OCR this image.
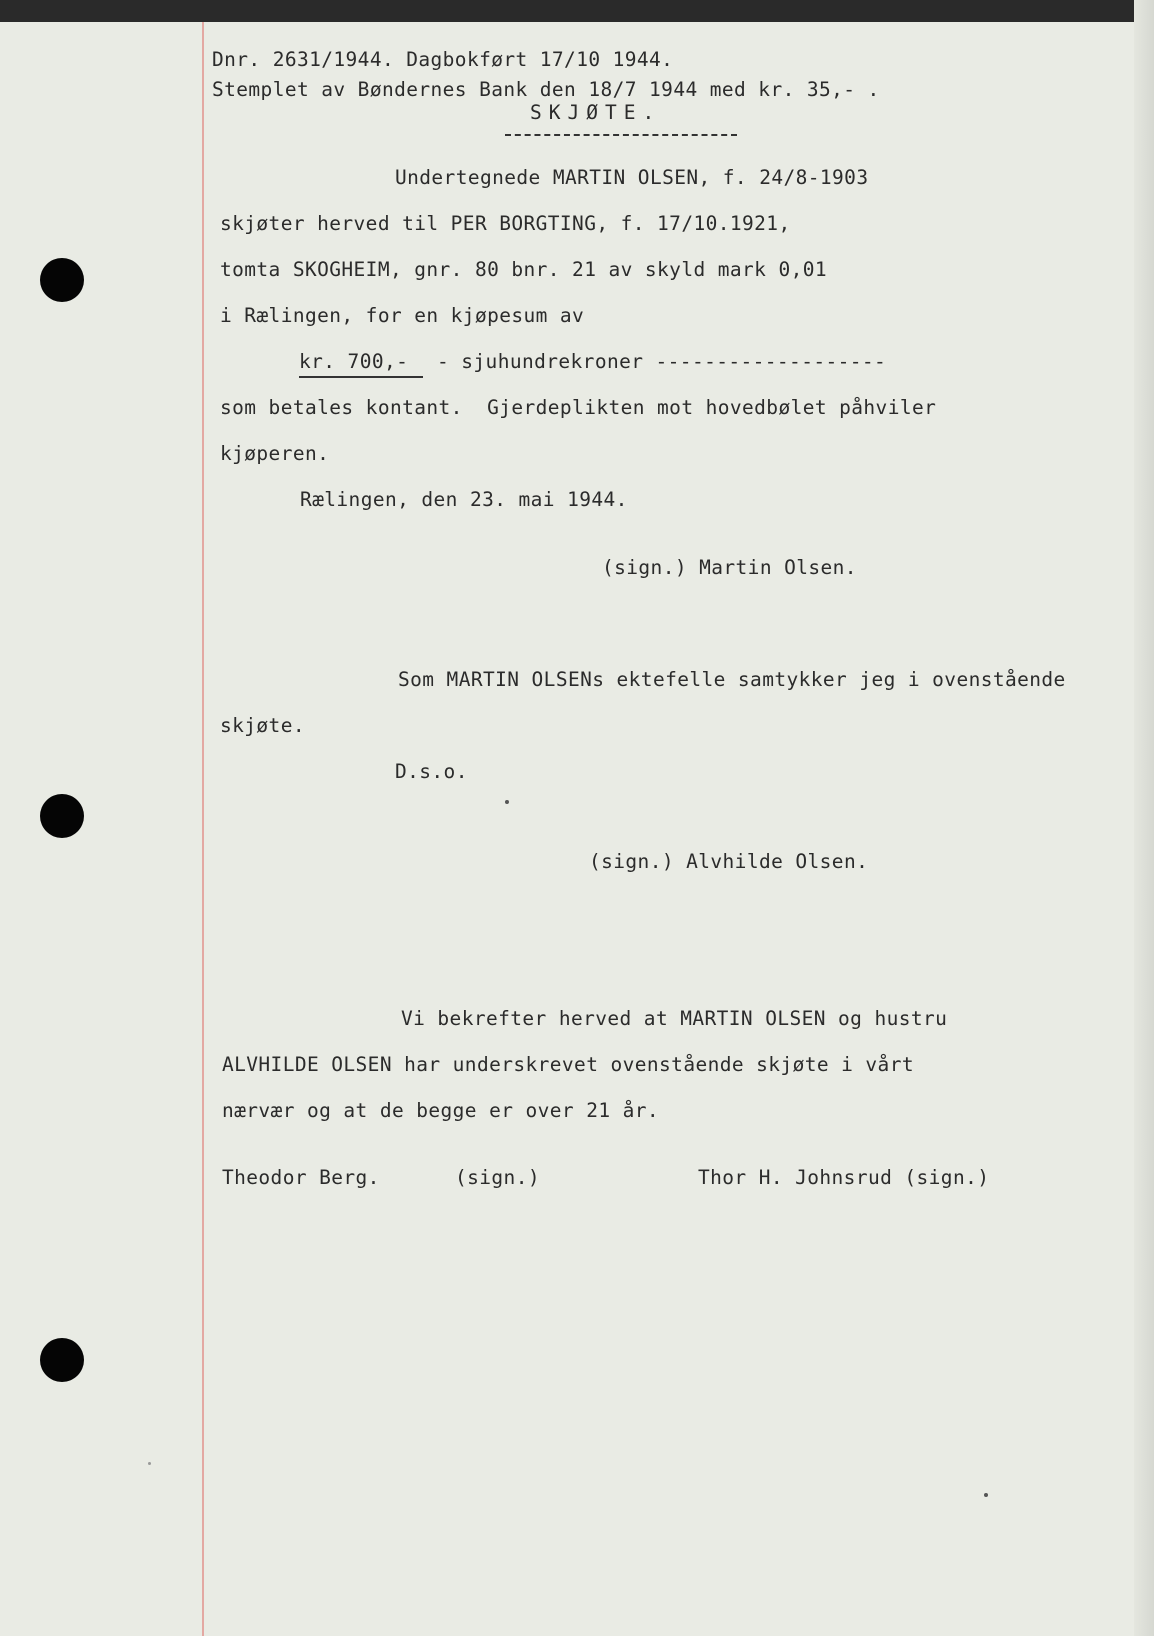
Dnr. 2631/1944. Dagbokført 17/10 1944.
Stemplet av Bøndernes Bank den 18/7 1944 med kr. 35,- .
SKJØTE.
Undertegnede MARTIN OLSEN, f. 24/8-1903
skjøter herved til PER BORGTING, f. 17/10.1921,
tomta SKOGHEIM, gnr. 80 bnr. 21 av skyld mark 0,01
i Rælingen, for en kjøpesum av
kr. 700,- - sjuhundrekroner -------------------
som betales kontant.  Gjerdeplikten mot hovedbølet påhviler
kjøperen.
Rælingen, den 23. mai 1944.
(sign.) Martin Olsen.
Som MARTIN OLSENs ektefelle samtykker jeg i ovenstående
skjøte.
D.s.o.
(sign.) Alvhilde Olsen.
Vi bekrefter herved at MARTIN OLSEN og hustru
ALVHILDE OLSEN har underskrevet ovenstående skjøte i vårt
nærvær og at de begge er over 21 år.
Theodor Berg.	(sign.)	Thor H. Johnsrud (sign.)
